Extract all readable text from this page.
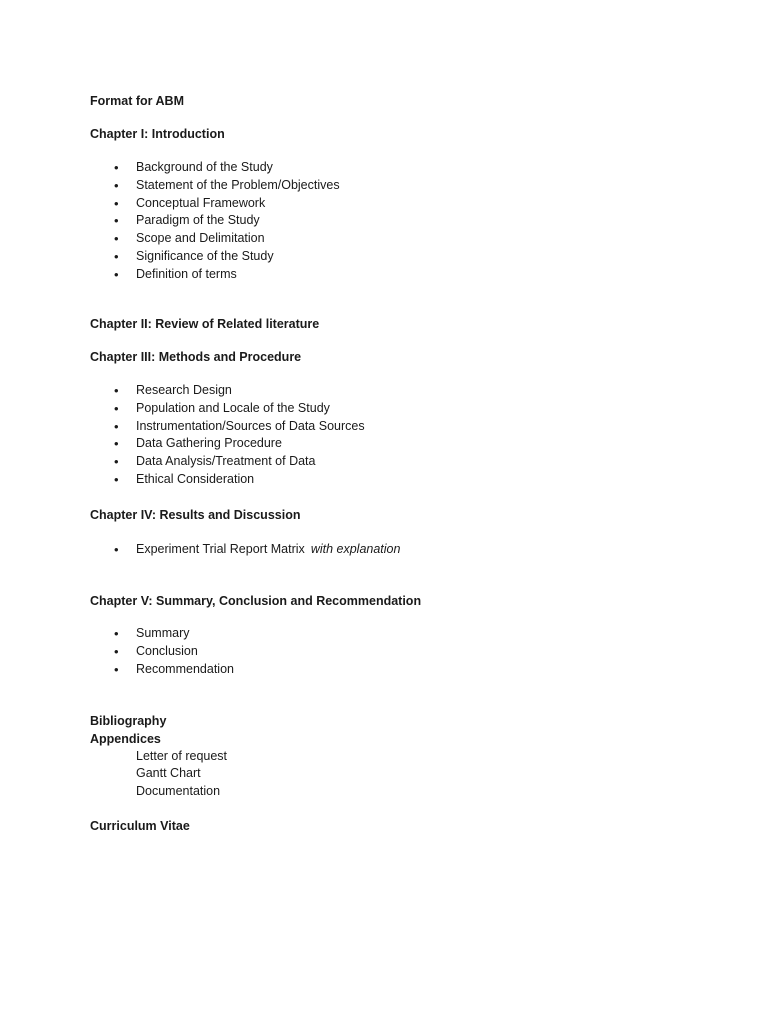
Format for ABM
Chapter I: Introduction
• Background of the Study
• Statement of the Problem/Objectives
• Conceptual Framework
• Paradigm of the Study
• Scope and Delimitation
• Significance of the Study
• Definition of terms
Chapter II: Review of Related literature
Chapter III: Methods and Procedure
• Research Design
• Population and Locale of the Study
• Instrumentation/Sources of Data Sources
• Data Gathering Procedure
• Data Analysis/Treatment of Data
• Ethical Consideration
Chapter IV: Results and Discussion
• Experiment Trial Report Matrix with explanation
Chapter V: Summary, Conclusion and Recommendation
• Summary
• Conclusion
• Recommendation
Bibliography
Appendices
Letter of request
Gantt Chart
Documentation
Curriculum Vitae
